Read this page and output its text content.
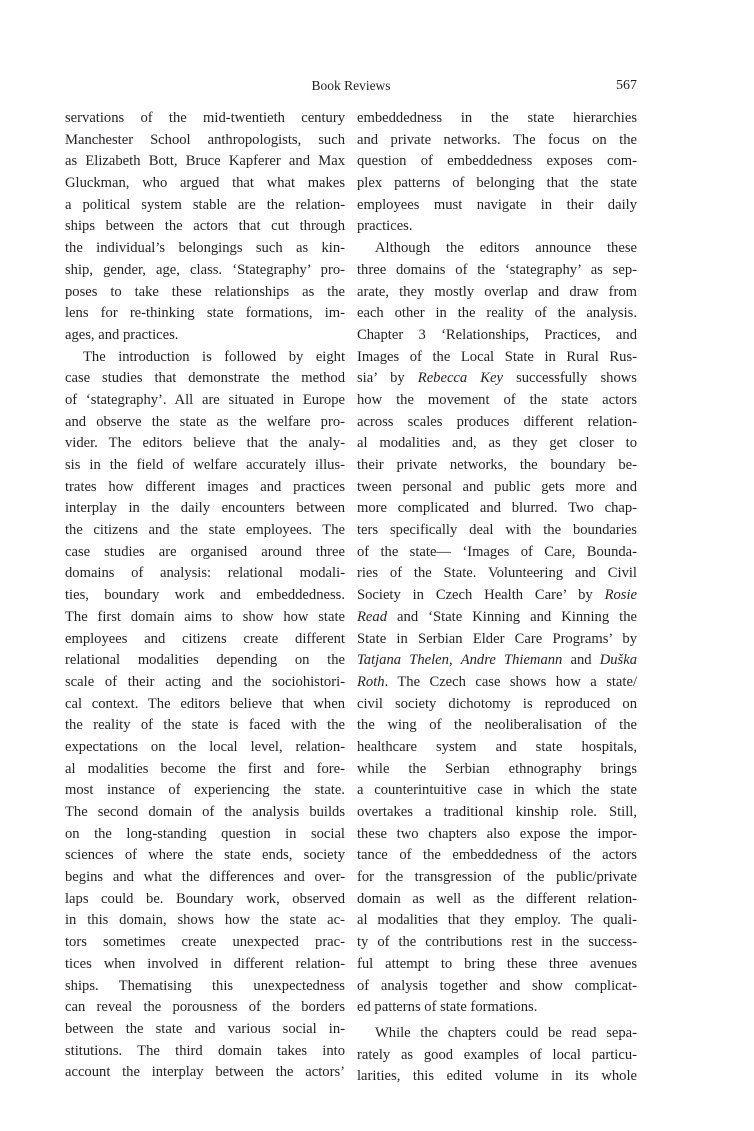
Book Reviews	567
servations of the mid-twentieth century
Manchester School anthropologists, such
as Elizabeth Bott, Bruce Kapferer and Max
Gluckman, who argued that what makes
a political system stable are the relation-
ships between the actors that cut through
the individual’s belongings such as kin-
ship, gender, age, class. ‘Stategraphy’ pro-
poses to take these relationships as the
lens for re-thinking state formations, im-
ages, and practices.
The introduction is followed by eight
case studies that demonstrate the method
of ‘stategraphy’. All are situated in Europe
and observe the state as the welfare pro-
vider. The editors believe that the analy-
sis in the field of welfare accurately illus-
trates how different images and practices
interplay in the daily encounters between
the citizens and the state employees. The
case studies are organised around three
domains of analysis: relational modali-
ties, boundary work and embeddedness.
The first domain aims to show how state
employees and citizens create different
relational modalities depending on the
scale of their acting and the sociohistori-
cal context. The editors believe that when
the reality of the state is faced with the
expectations on the local level, relation-
al modalities become the first and fore-
most instance of experiencing the state.
The second domain of the analysis builds
on the long-standing question in social
sciences of where the state ends, society
begins and what the differences and over-
laps could be. Boundary work, observed
in this domain, shows how the state ac-
tors sometimes create unexpected prac-
tices when involved in different relation-
ships. Thematising this unexpectedness
can reveal the porousness of the borders
between the state and various social in-
stitutions. The third domain takes into
account the interplay between the actors’
embeddedness in the state hierarchies
and private networks. The focus on the
question of embeddedness exposes com-
plex patterns of belonging that the state
employees must navigate in their daily
practices.
Although the editors announce these
three domains of the ‘stategraphy’ as sep-
arate, they mostly overlap and draw from
each other in the reality of the analysis.
Chapter 3 ‘Relationships, Practices, and
Images of the Local State in Rural Rus-
sia’ by Rebecca Key successfully shows
how the movement of the state actors
across scales produces different relation-
al modalities and, as they get closer to
their private networks, the boundary be-
tween personal and public gets more and
more complicated and blurred. Two chap-
ters specifically deal with the boundaries
of the state— ‘Images of Care, Bounda-
ries of the State. Volunteering and Civil
Society in Czech Health Care’ by Rosie
Read and ‘State Kinning and Kinning the
State in Serbian Elder Care Programs’ by
Tatjana Thelen, Andre Thiemann and Duška
Roth. The Czech case shows how a state/
civil society dichotomy is reproduced on
the wing of the neoliberalisation of the
healthcare system and state hospitals,
while the Serbian ethnography brings
a counterintuitive case in which the state
overtakes a traditional kinship role. Still,
these two chapters also expose the impor-
tance of the embeddedness of the actors
for the transgression of the public/private
domain as well as the different relation-
al modalities that they employ. The quali-
ty of the contributions rest in the success-
ful attempt to bring these three avenues
of analysis together and show complicat-
ed patterns of state formations.
While the chapters could be read sepa-
rately as good examples of local particu-
larities, this edited volume in its whole
